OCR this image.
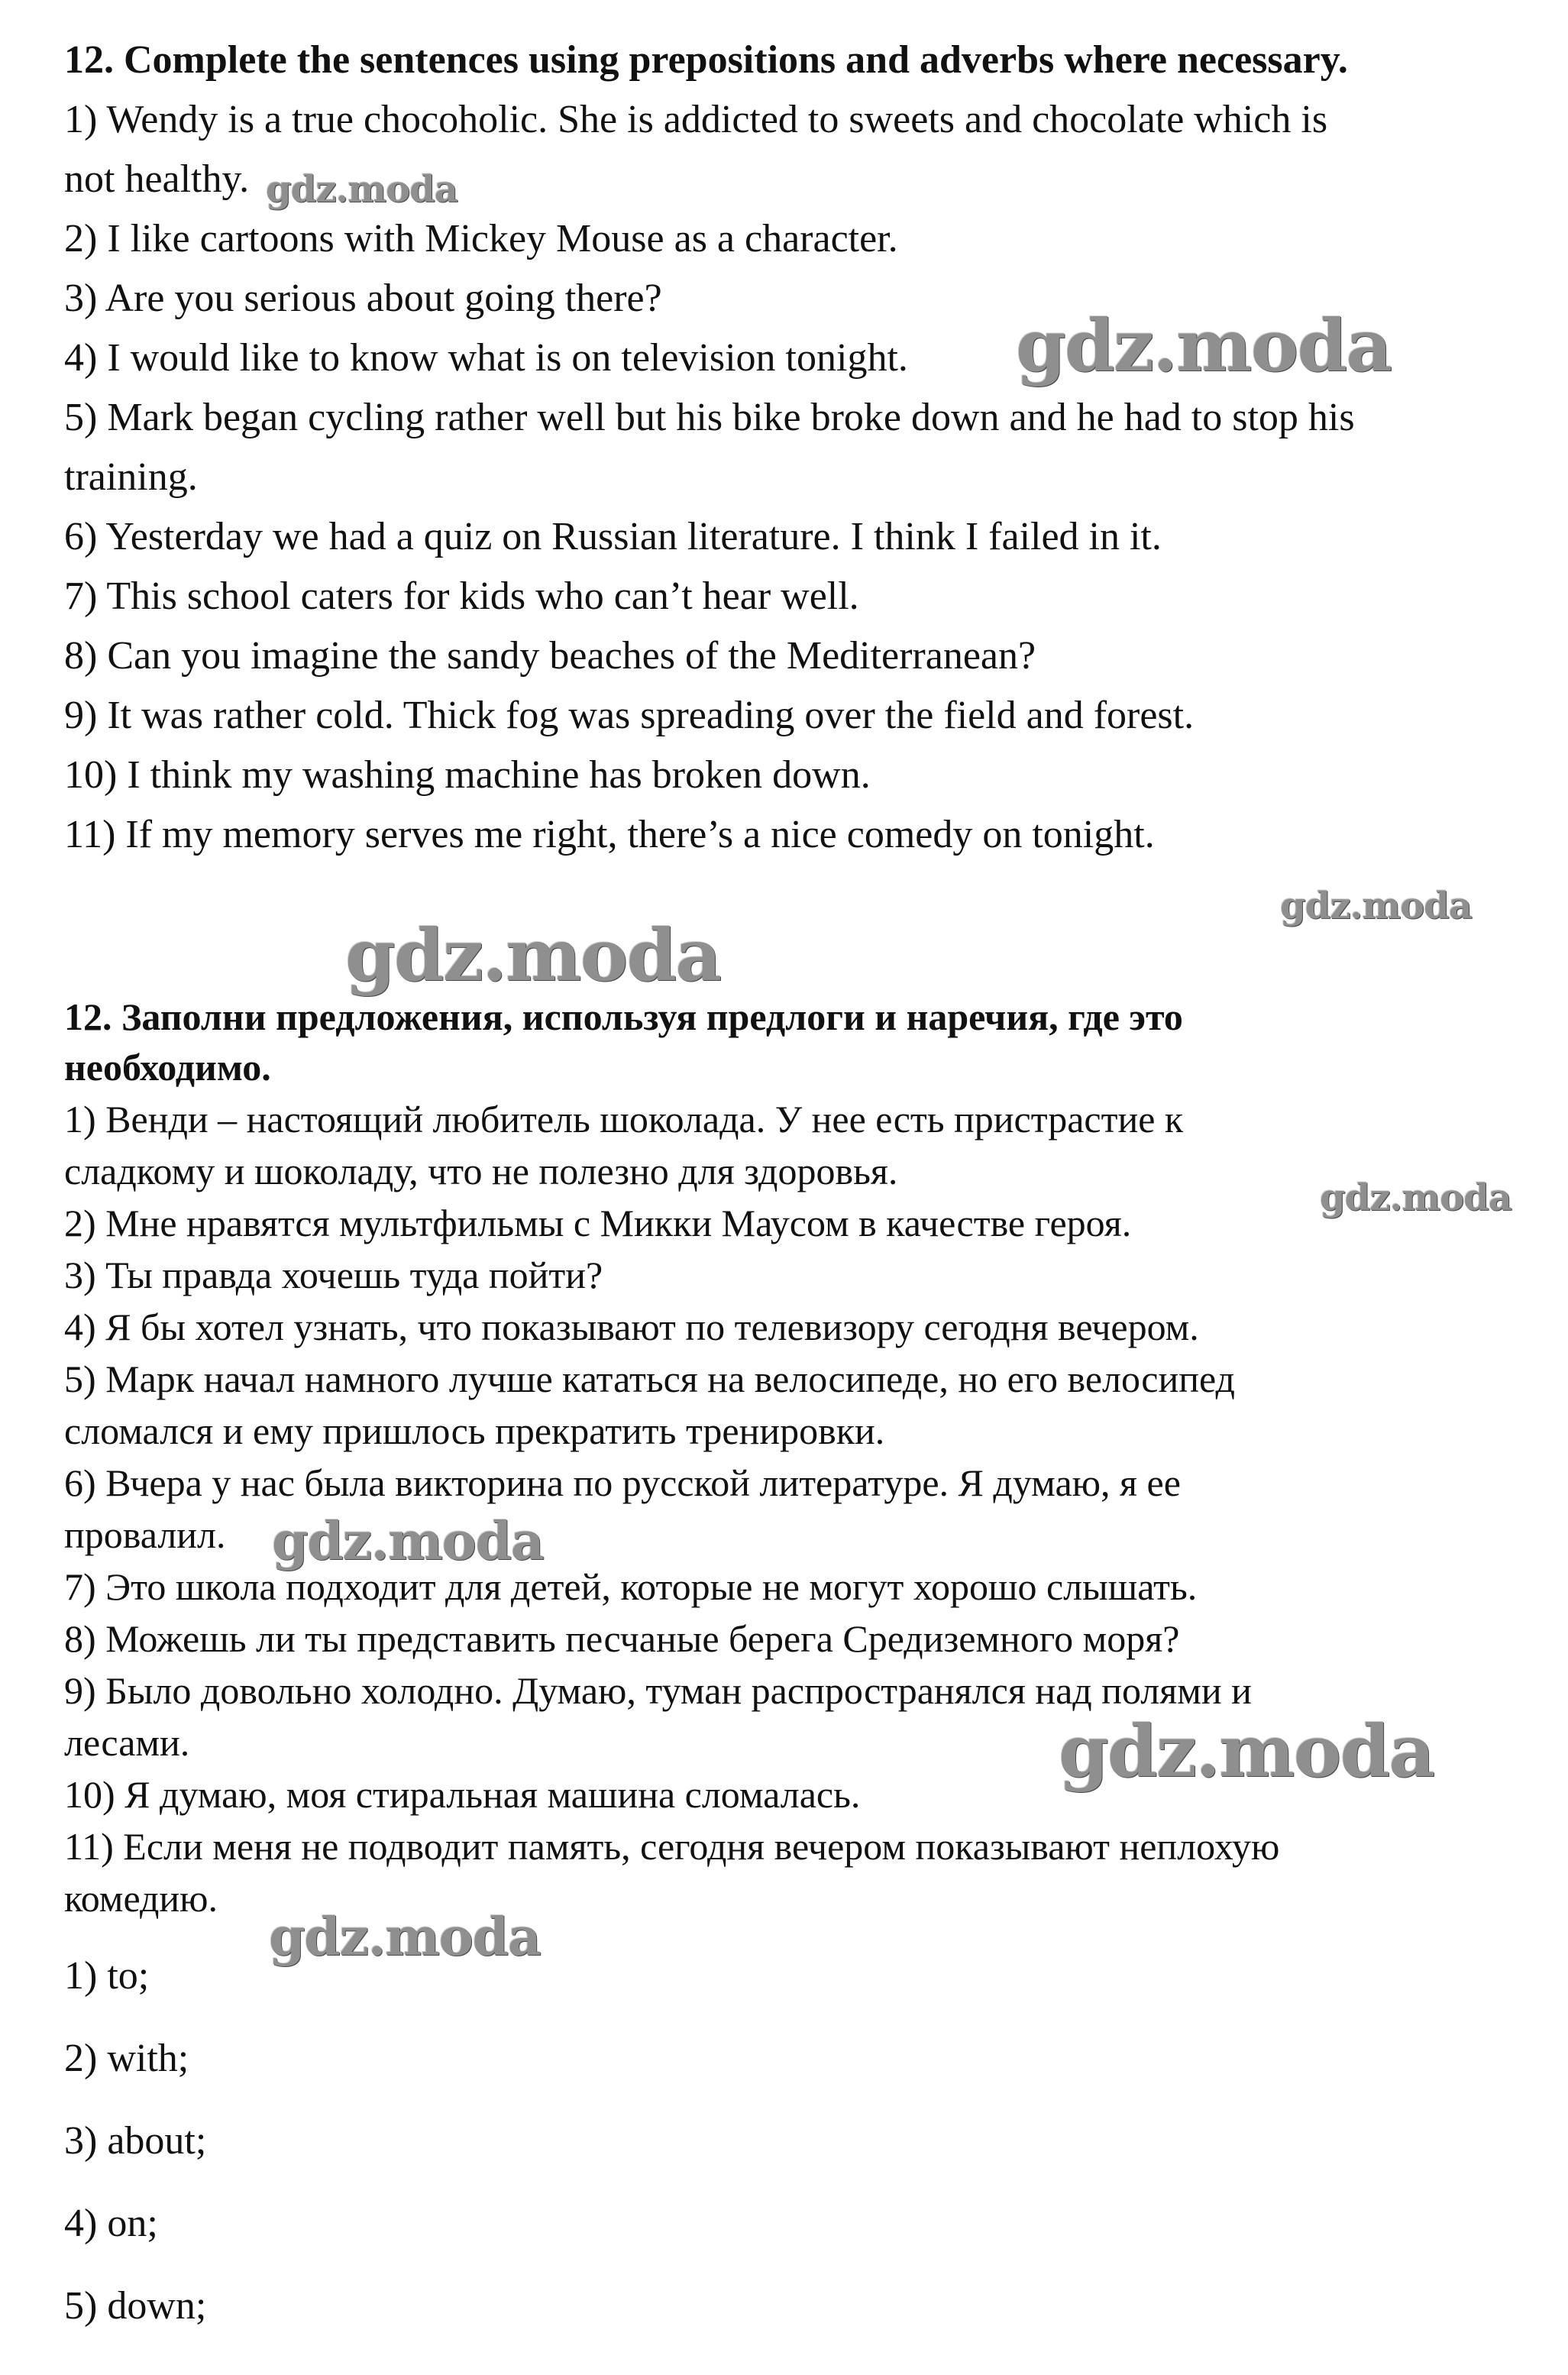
12. Complete the sentences using prepositions and adverbs where necessary.

1) Wendy is a true chocoholic. She is addicted to sweets and chocolate which is

not healthy.

2) I like cartoons with Mickey Mouse as a character.

3) Are you serious about going there?

4) I would like to know what is on television tonight.

5) Mark began cycling rather well but his bike broke down and he had to stop his

training.

6) Yesterday we had a quiz on Russian literature. I think I failed in it.

7) This school caters for kids who can’t hear well.

8) Can you imagine the sandy beaches of the Mediterranean?

9) It was rather cold. Thick fog was spreading over the field and forest.

10) I think my washing machine has broken down.

11) If my memory serves me right, there’s a nice comedy on tonight.

12. Заполни предложения, используя предлоги и наречия, где это

необходимо.

1) Венди – настоящий любитель шоколада. У нее есть пристрастие к

сладкому и шоколаду, что не полезно для здоровья.

2) Мне нравятся мультфильмы с Микки Маусом в качестве героя.

3) Ты правда хочешь туда пойти?

4) Я бы хотел узнать, что показывают по телевизору сегодня вечером.

5) Марк начал намного лучше кататься на велосипеде, но его велосипед

сломался и ему пришлось прекратить тренировки.

6) Вчера у нас была викторина по русской литературе. Я думаю, я ее

провалил.

7) Это школа подходит для детей, которые не могут хорошо слышать.

8) Можешь ли ты представить песчаные берега Средиземного моря?

9) Было довольно холодно. Думаю, туман распространялся над полями и

лесами.

10) Я думаю, моя стиральная машина сломалась.

11) Если меня не подводит память, сегодня вечером показывают неплохую

комедию.

1) to;

2) with;

3) about;

4) on;

5) down;

gdz.moda
gdz.moda
gdz.moda
gdz.moda
gdz.moda
gdz.moda
gdz.moda
gdz.moda
